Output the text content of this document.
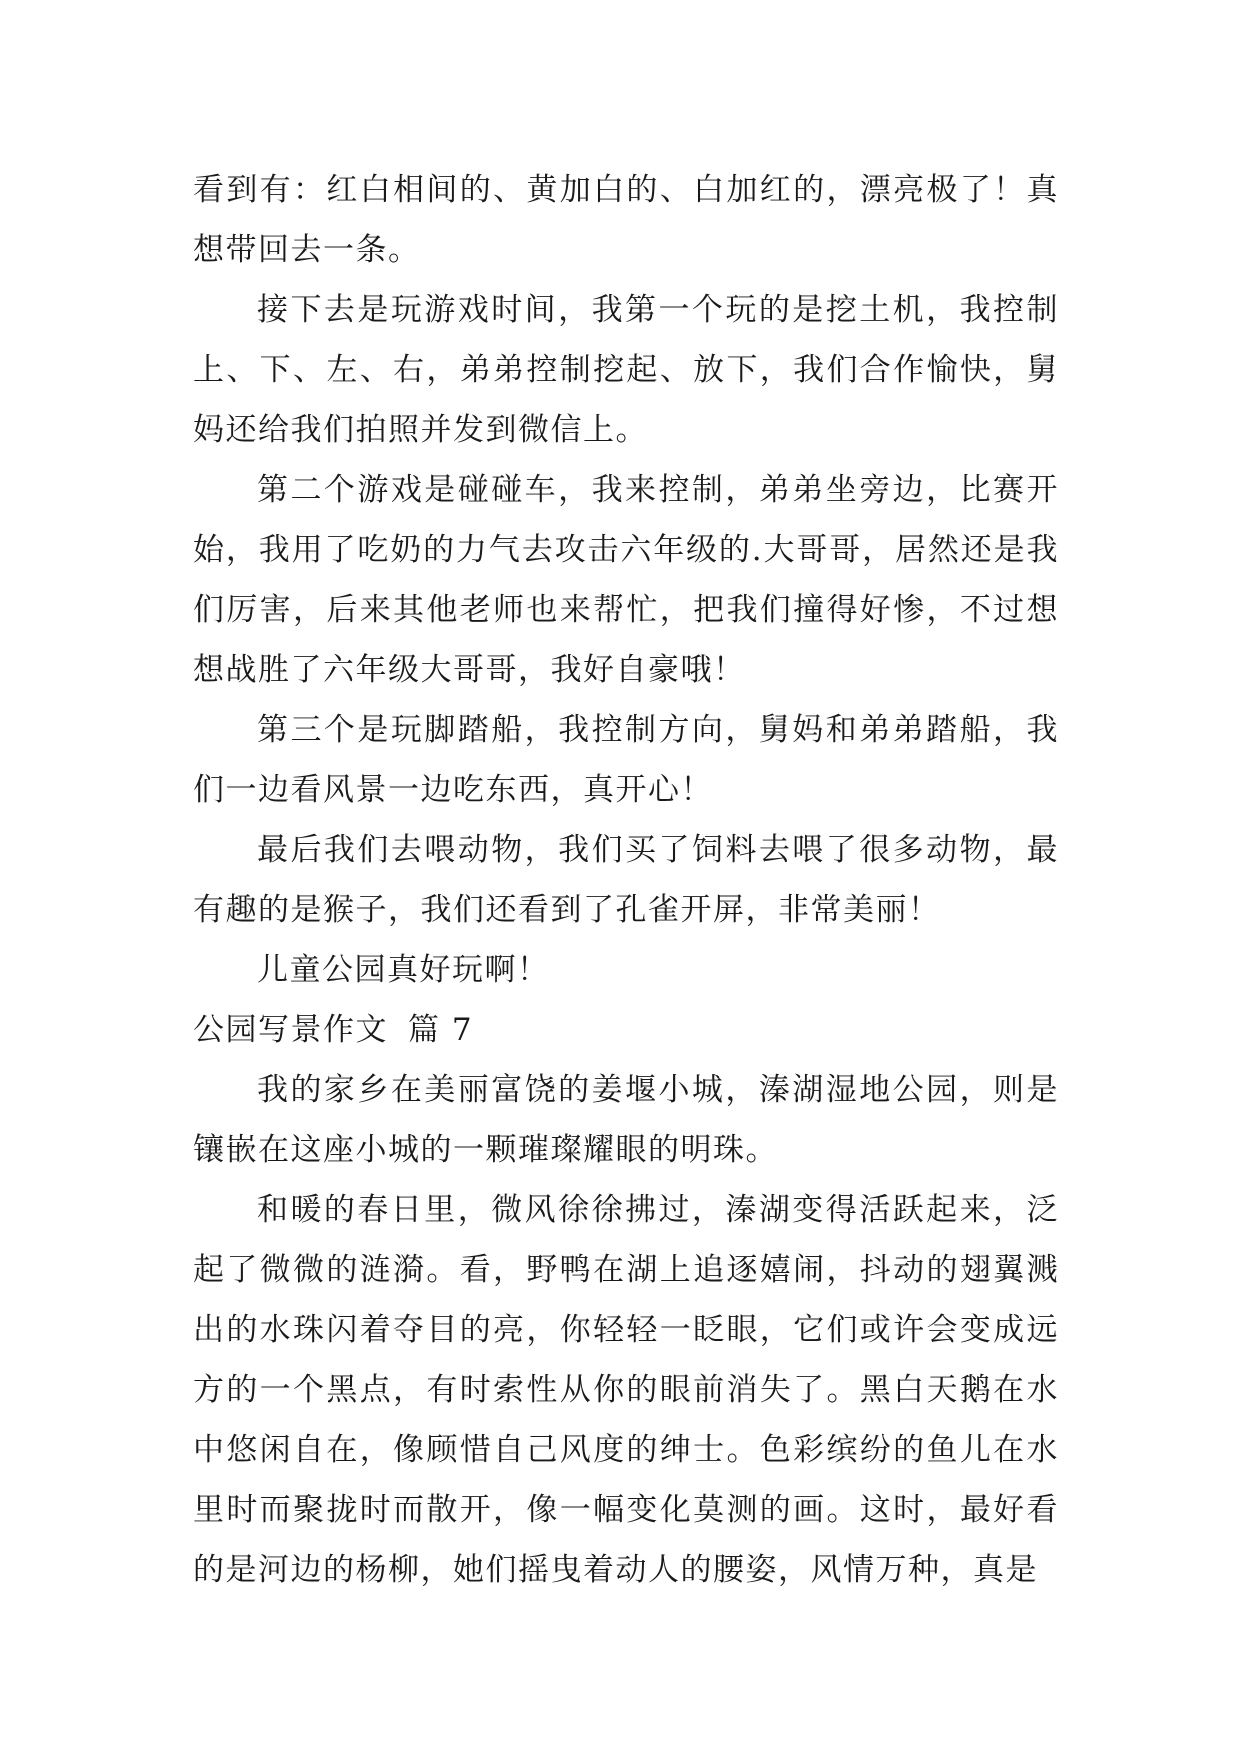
看到有：红白相间的、黄加白的、白加红的，漂亮极了！真想带回去一条。

接下去是玩游戏时间，我第一个玩的是挖土机，我控制上、下、左、右，弟弟控制挖起、放下，我们合作愉快，舅妈还给我们拍照并发到微信上。

第二个游戏是碰碰车，我来控制，弟弟坐旁边，比赛开始，我用了吃奶的力气去攻击六年级的.大哥哥，居然还是我们厉害，后来其他老师也来帮忙，把我们撞得好惨，不过想想战胜了六年级大哥哥，我好自豪哦！

第三个是玩脚踏船，我控制方向，舅妈和弟弟踏船，我们一边看风景一边吃东西，真开心！

最后我们去喂动物，我们买了饲料去喂了很多动物，最有趣的是猴子，我们还看到了孔雀开屏，非常美丽！

儿童公园真好玩啊！

公园写景作文 篇 7

我的家乡在美丽富饶的姜堰小城，溱湖湿地公园，则是镶嵌在这座小城的一颗璀璨耀眼的明珠。

和暖的春日里，微风徐徐拂过，溱湖变得活跃起来，泛起了微微的涟漪。看，野鸭在湖上追逐嬉闹，抖动的翅翼溅出的水珠闪着夺目的亮，你轻轻一眨眼，它们或许会变成远方的一个黑点，有时索性从你的眼前消失了。黑白天鹅在水中悠闲自在，像顾惜自己风度的绅士。色彩缤纷的鱼儿在水里时而聚拢时而散开，像一幅变化莫测的画。这时，最好看的是河边的杨柳，她们摇曳着动人的腰姿，风情万种，真是
